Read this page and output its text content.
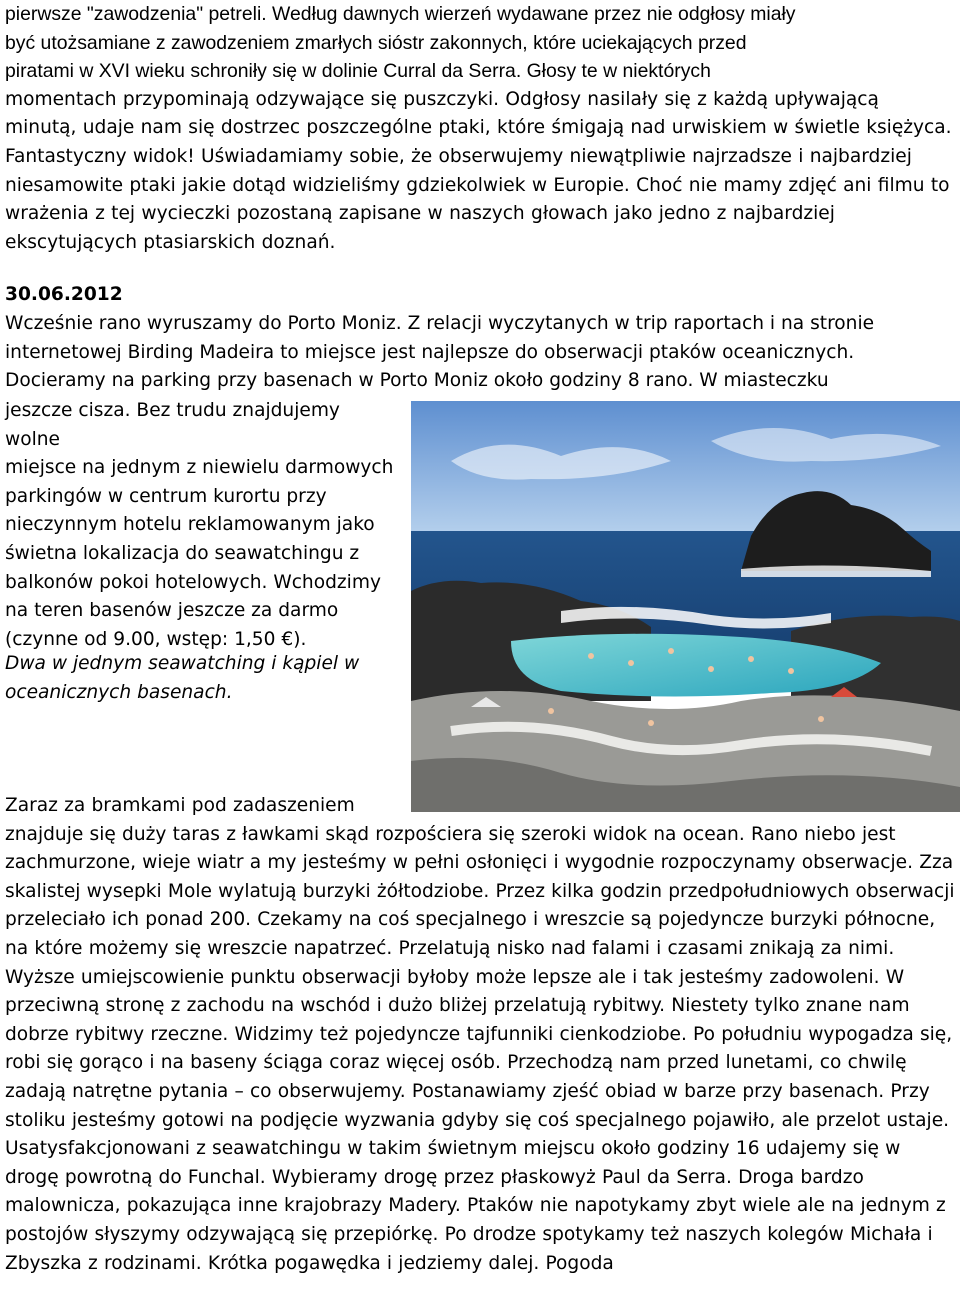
pierwsze "zawodzenia" petreli. Według dawnych wierzeń wydawane przez nie odgłosy miały
być utożsamiane z zawodzeniem zmarłych sióstr zakonnych, które uciekających przed
piratami w XVI wieku schroniły się w dolinie Curral da Serra. Głosy te w niektórych

momentach przypominają odzywające się puszczyki. Odgłosy nasilały się z każdą upływającą minutą, udaje nam się dostrzec poszczególne ptaki, które śmigają nad urwiskiem w świetle księżyca. Fantastyczny widok! Uświadamiamy sobie, że obserwujemy niewątpliwie najrzadsze i najbardziej niesamowite ptaki jakie dotąd widzieliśmy gdziekolwiek w Europie. Choć nie mamy zdjęć ani filmu to wrażenia z tej wycieczki pozostaną zapisane w naszych głowach jako jedno z najbardziej ekscytujących ptasiarskich doznań.

30.06.2012

Wcześnie rano wyruszamy do Porto Moniz. Z relacji wyczytanych w trip raportach i na stronie
internetowej Birding Madeira to miejsce jest najlepsze do obserwacji ptaków oceanicznych.
Docieramy na parking przy basenach w Porto Moniz około godziny 8 rano. W miasteczku

jeszcze cisza. Bez trudu znajdujemy wolne
miejsce na jednym z niewielu darmowych
parkingów w centrum kurortu przy
nieczynnym hotelu reklamowanym jako
świetna lokalizacja do seawatchingu z
balkonów pokoi hotelowych. Wchodzimy
na teren basenów jeszcze za darmo
(czynne od 9.00, wstęp: 1,50 €).

Dwa w jednym seawatching i kąpiel w
oceanicznych basenach.

Zaraz za bramkami pod zadaszeniem
znajduje się duży taras z ławkami skąd rozpościera się szeroki widok na ocean. Rano niebo jest zachmurzone, wieje wiatr a my jesteśmy w pełni osłonięci i wygodnie rozpoczynamy obserwacje. Zza skalistej wysepki Mole wylatują burzyki żółtodziobe. Przez kilka godzin przedpołudniowych obserwacji przeleciało ich ponad 200. Czekamy na coś specjalnego i wreszcie są pojedyncze burzyki północne, na które możemy się wreszcie napatrzeć. Przelatują nisko nad falami i czasami znikają za nimi. Wyższe umiejscowienie punktu obserwacji byłoby może lepsze ale i tak jesteśmy zadowoleni. W przeciwną stronę z zachodu na wschód i dużo bliżej przelatują rybitwy. Niestety tylko znane nam dobrze rybitwy rzeczne. Widzimy też pojedyncze tajfunniki cienkodziobe. Po południu wypogadza się, robi się gorąco i na baseny ściąga coraz więcej osób. Przechodzą nam przed lunetami, co chwilę zadają natrętne pytania – co obserwujemy. Postanawiamy zjeść obiad w barze przy basenach. Przy stoliku jesteśmy gotowi na podjęcie wyzwania gdyby się coś specjalnego pojawiło, ale przelot ustaje. Usatysfakcjonowani z seawatchingu w takim świetnym miejscu około godziny 16 udajemy się w drogę powrotną do Funchal. Wybieramy drogę przez płaskowyż Paul da Serra. Droga bardzo malownicza, pokazująca inne krajobrazy Madery. Ptaków nie napotykamy zbyt wiele ale na jednym z postojów słyszymy odzywającą się przepiórkę. Po drodze spotykamy też naszych kolegów Michała i Zbyszka z rodzinami. Krótka pogawędka i jedziemy dalej. Pogoda
